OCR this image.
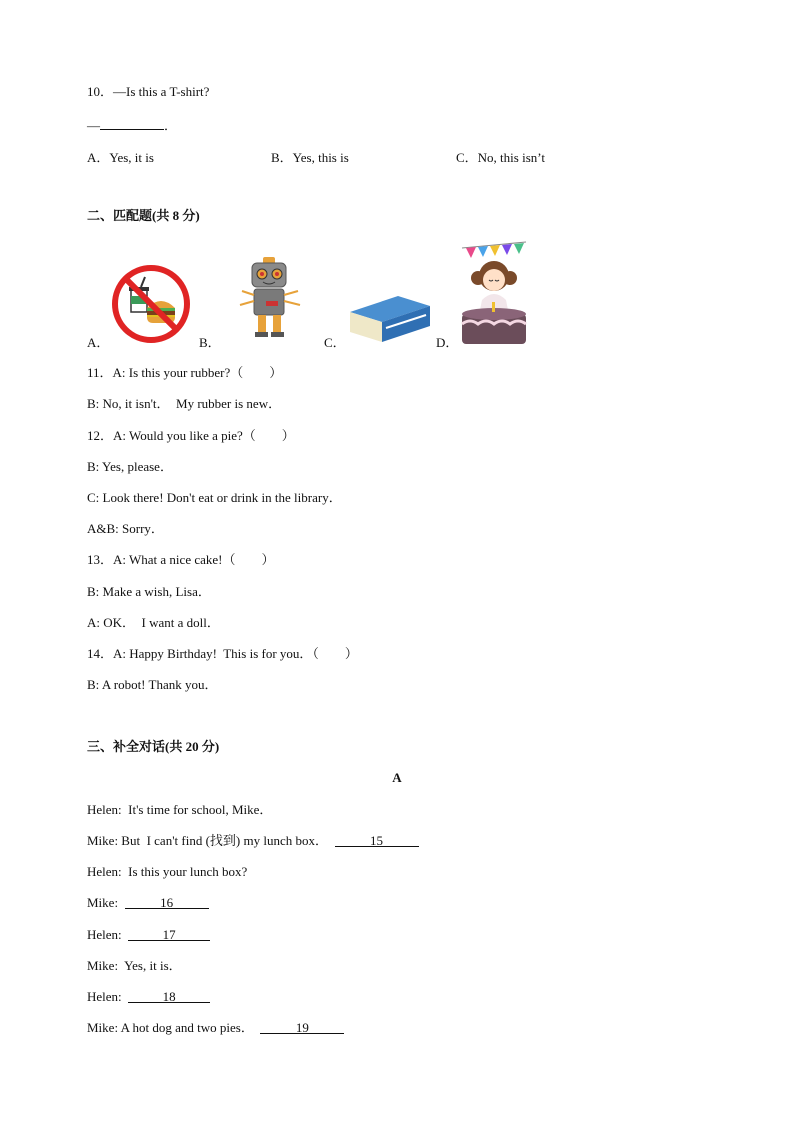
10．—Is this a T-shirt?
—	．
A．Yes, it is	B．Yes, this is	C．No, this isn’t
二、匹配题(共 8 分)
A．	B．	C．	D．
11．A: Is this your rubber?（        ）
B: No, it isn't．  My rubber is new．
12．A: Would you like a pie?（        ）
B: Yes, please．
C: Look there! Don't eat or drink in the library．
A&B: Sorry．
13．A: What a nice cake!（        ）
B: Make a wish, Lisa．
A: OK．  I want a doll．
14．A: Happy Birthday!  This is for you．（        ）
B: A robot! Thank you．
三、补全对话(共 20 分)
A
Helen:  It's time for school, Mike．
Mike: But  I can't find (找到) my lunch box．	15
Helen:  Is this your lunch box?
Mike:	16
Helen:	17
Mike:  Yes, it is．
Helen:	18
Mike: A hot dog and two pies．	19
